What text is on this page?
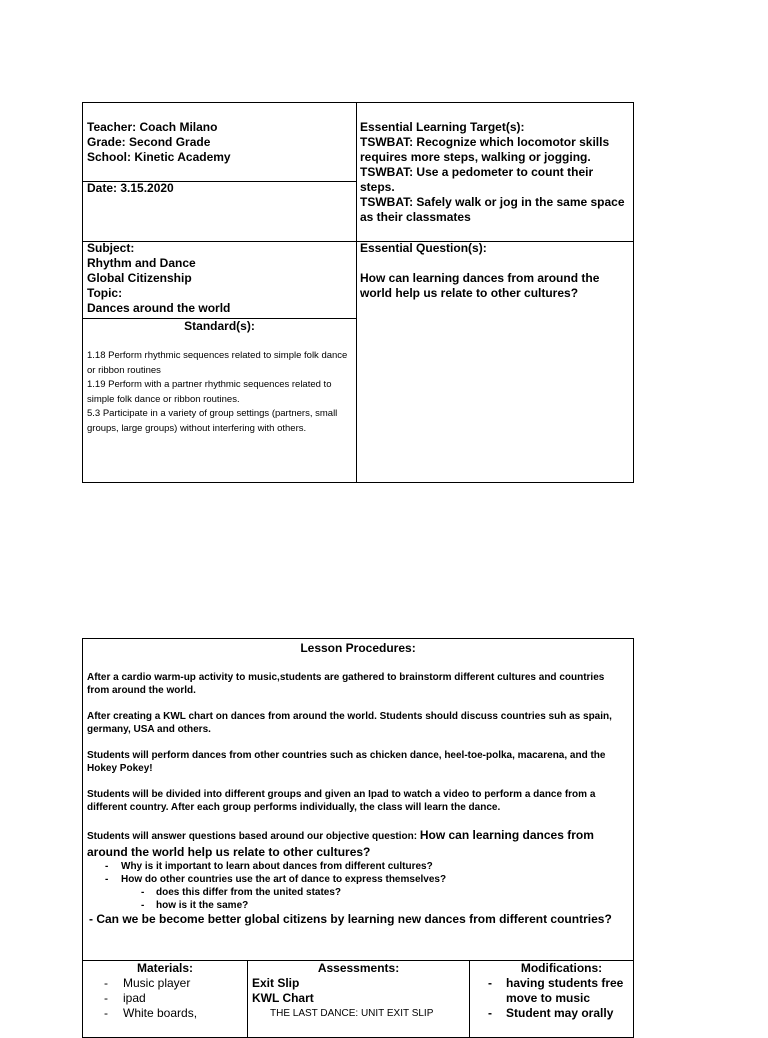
Teacher: Coach Milano
Grade: Second Grade
School: Kinetic Academy
Date: 3.15.2020
Essential Learning Target(s):
TSWBAT: Recognize which locomotor skills requires more steps, walking or jogging.
TSWBAT: Use a pedometer to count their steps.
TSWBAT: Safely walk or jog in the same space as their classmates
Subject:
Rhythm and Dance
Global Citizenship
Topic:
Dances around the world
Essential Question(s):
How can learning dances from around the world help us relate to other cultures?
Standard(s):
1.18 Perform rhythmic sequences related to simple folk dance or ribbon routines
1.19 Perform with a partner rhythmic sequences related to simple folk dance or ribbon routines.
5.3 Participate in a variety of group settings (partners, small groups, large groups) without interfering with others.
Lesson Procedures:

After a cardio warm-up activity to music,students are gathered to brainstorm different cultures and countries from around the world.

After creating a KWL chart on dances from around the world. Students should discuss countries suh as spain, germany, USA and others.

Students will perform dances from other countries such as chicken dance, heel-toe-polka, macarena, and the Hokey Pokey!

Students will be divided into different groups and given an Ipad to watch a video to perform a dance from a different country. After each group performs individually, the class will learn the dance.

Students will answer questions based around our objective question: How can learning dances from around the world help us relate to other cultures?

- Why is it important to learn about dances from different cultures?
- How do other countries use the art of dance to express themselves?
- does this differ from the united states?
- how is it the same?

- Can we be become better global citizens by learning new dances from different countries?

Materials:
- Music player
- ipad
- White boards,
Assessments:
Exit Slip
KWL Chart
THE LAST DANCE: UNIT EXIT SLIP
Modifications:
- having students free move to music
- Student may orally
